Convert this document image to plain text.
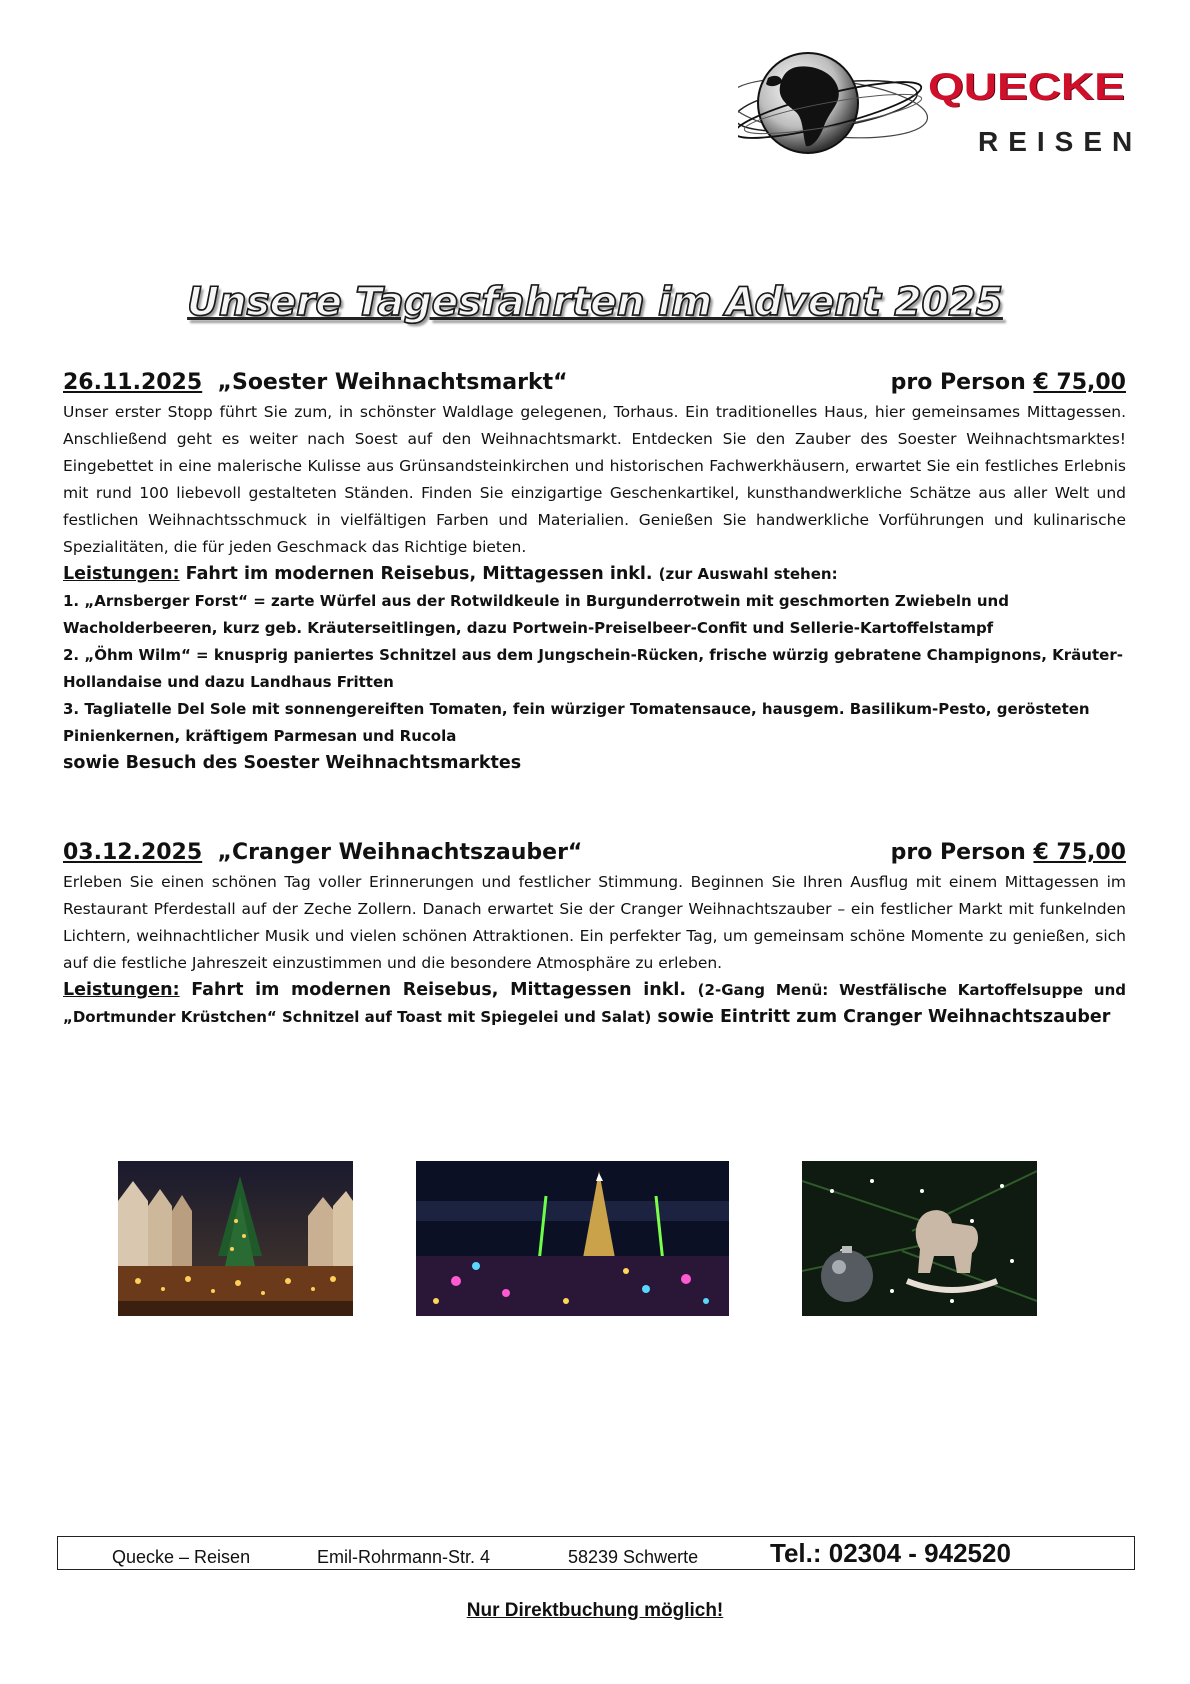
QUECKE
REISEN
Unsere Tagesfahrten im Advent 2025
26.11.2025 „Soester Weihnachtsmarkt“	pro Person € 75,00

Unser erster Stopp führt Sie zum, in schönster Waldlage gelegenen, Torhaus. Ein traditionelles Haus, hier gemeinsames Mittagessen. Anschließend geht es weiter nach Soest auf den Weihnachtsmarkt. Entdecken Sie den Zauber des Soester Weihnachtsmarktes! Eingebettet in eine malerische Kulisse aus Grünsandsteinkirchen und historischen Fachwerkhäusern, erwartet Sie ein festliches Erlebnis mit rund 100 liebevoll gestalteten Ständen. Finden Sie einzigartige Geschenkartikel, kunsthandwerkliche Schätze aus aller Welt und festlichen Weihnachtsschmuck in vielfältigen Farben und Materialien. Genießen Sie handwerkliche Vorführungen und kulinarische Spezialitäten, die für jeden Geschmack das Richtige bieten.

Leistungen: Fahrt im modernen Reisebus, Mittagessen inkl. (zur Auswahl stehen:

1. „Arnsberger Forst“ = zarte Würfel aus der Rotwildkeule in Burgunderrotwein mit geschmorten Zwiebeln und Wacholderbeeren, kurz geb. Kräuterseitlingen, dazu Portwein-Preiselbeer-Confit und Sellerie-Kartoffelstampf

2. „Öhm Wilm“ = knusprig paniertes Schnitzel aus dem Jungschein-Rücken, frische würzig gebratene Champignons, Kräuter-Hollandaise und dazu Landhaus Fritten

3. Tagliatelle Del Sole mit sonnengereiften Tomaten, fein würziger Tomatensauce, hausgem. Basilikum-Pesto, gerösteten Pinienkernen, kräftigem Parmesan und Rucola

sowie Besuch des Soester Weihnachtsmarktes

03.12.2025 „Cranger Weihnachtszauber“	pro Person € 75,00

Erleben Sie einen schönen Tag voller Erinnerungen und festlicher Stimmung. Beginnen Sie Ihren Ausflug mit einem Mittagessen im Restaurant Pferdestall auf der Zeche Zollern. Danach erwartet Sie der Cranger Weihnachtszauber – ein festlicher Markt mit funkelnden Lichtern, weihnachtlicher Musik und vielen schönen Attraktionen. Ein perfekter Tag, um gemeinsam schöne Momente zu genießen, sich auf die festliche Jahreszeit einzustimmen und die besondere Atmosphäre zu erleben.

Leistungen: Fahrt im modernen Reisebus, Mittagessen inkl. (2-Gang Menü: Westfälische Kartoffelsuppe und „Dortmunder Krüstchen“ Schnitzel auf Toast mit Spiegelei und Salat) sowie Eintritt zum Cranger Weihnachtszauber

Quecke – Reisen	Emil-Rohrmann-Str. 4	58239 Schwerte	Tel.: 02304 - 942520
Nur Direktbuchung möglich!
